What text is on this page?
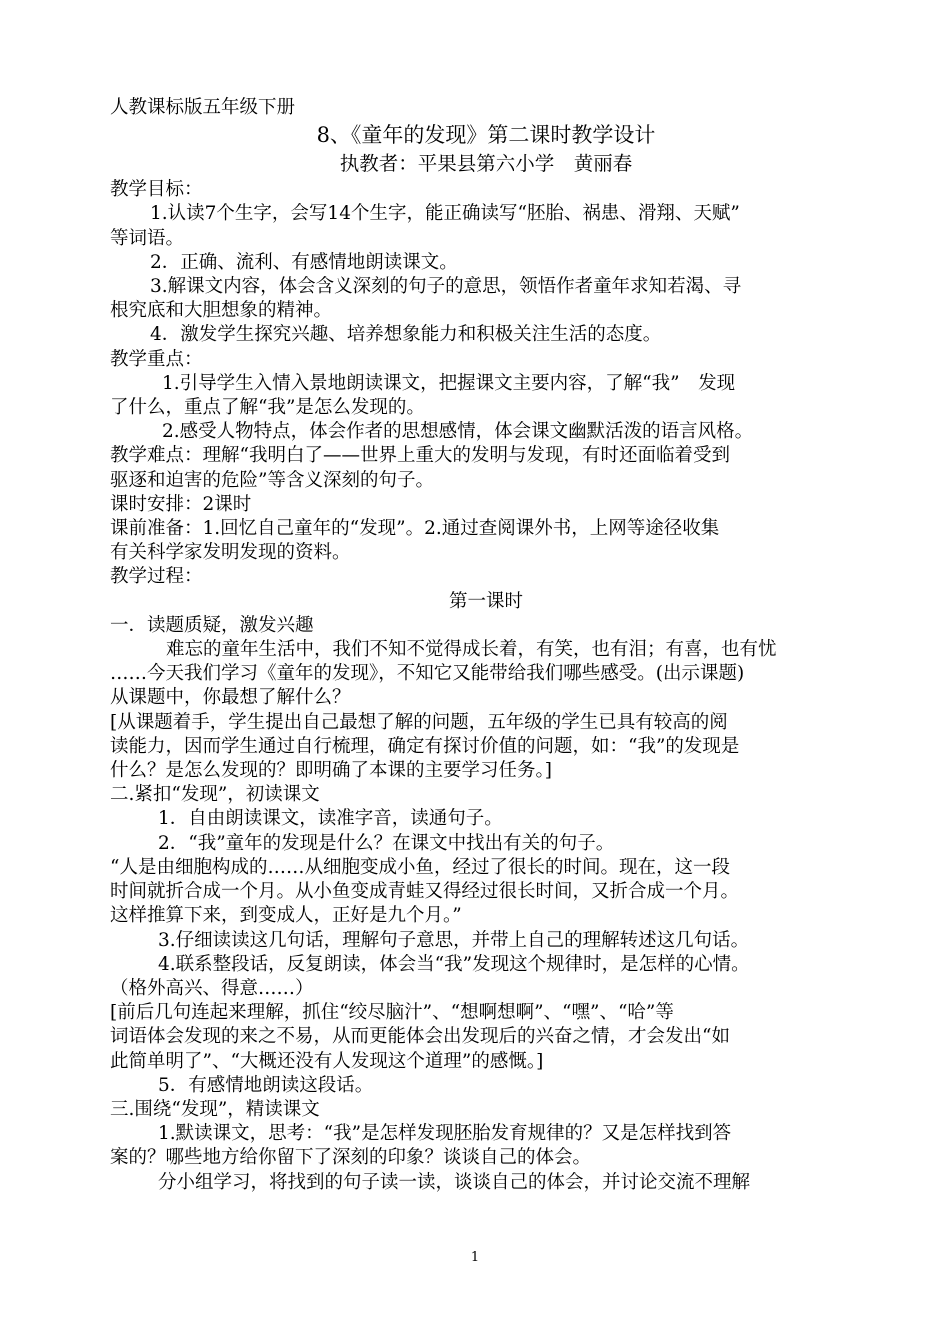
人教课标版五年级下册
8、《童年的发现》第二课时教学设计
执教者：平果县第六小学　黄丽春
教学目标：
1.认读7个生字，会写14个生字，能正确读写“胚胎、祸患、滑翔、天赋”
等词语。
2．正确、流利、有感情地朗读课文。
3.解课文内容，体会含义深刻的句子的意思，领悟作者童年求知若渴、寻
根究底和大胆想象的精神。
4．激发学生探究兴趣、培养想象能力和积极关注生活的态度。
教学重点：
1.引导学生入情入景地朗读课文，把握课文主要内容，了解“我”　发现
了什么，重点了解“我”是怎么发现的。
2.感受人物特点，体会作者的思想感情，体会课文幽默活泼的语言风格。
教学难点：理解“我明白了——世界上重大的发明与发现，有时还面临着受到
驱逐和迫害的危险”等含义深刻的句子。
课时安排：2课时
课前准备：1.回忆自己童年的“发现”。2.通过查阅课外书，上网等途径收集
有关科学家发明发现的资料。
教学过程：
第一课时
一．读题质疑，激发兴趣
难忘的童年生活中，我们不知不觉得成长着，有笑，也有泪；有喜，也有忧
……今天我们学习《童年的发现》，不知它又能带给我们哪些感受。(出示课题)
从课题中，你最想了解什么？
[从课题着手，学生提出自己最想了解的问题，五年级的学生已具有较高的阅
读能力，因而学生通过自行梳理，确定有探讨价值的问题，如：“我”的发现是
什么？是怎么发现的？即明确了本课的主要学习任务。]
二.紧扣“发现”，初读课文
1．自由朗读课文，读准字音，读通句子。
2．“我”童年的发现是什么？在课文中找出有关的句子。
“人是由细胞构成的……从细胞变成小鱼，经过了很长的时间。现在，这一段
时间就折合成一个月。从小鱼变成青蛙又得经过很长时间，又折合成一个月。
这样推算下来，到变成人，正好是九个月。”
3.仔细读读这几句话，理解句子意思，并带上自己的理解转述这几句话。
4.联系整段话，反复朗读，体会当“我”发现这个规律时，是怎样的心情。
（格外高兴、得意……）
[前后几句连起来理解，抓住“绞尽脑汁”、“想啊想啊”、“嘿”、“哈”等
词语体会发现的来之不易，从而更能体会出发现后的兴奋之情，才会发出“如
此简单明了”、“大概还没有人发现这个道理”的感慨。]
5．有感情地朗读这段话。
三.围绕“发现”，精读课文
1.默读课文，思考：“我”是怎样发现胚胎发育规律的？又是怎样找到答
案的？哪些地方给你留下了深刻的印象？谈谈自己的体会。
分小组学习，将找到的句子读一读，谈谈自己的体会，并讨论交流不理解
1
